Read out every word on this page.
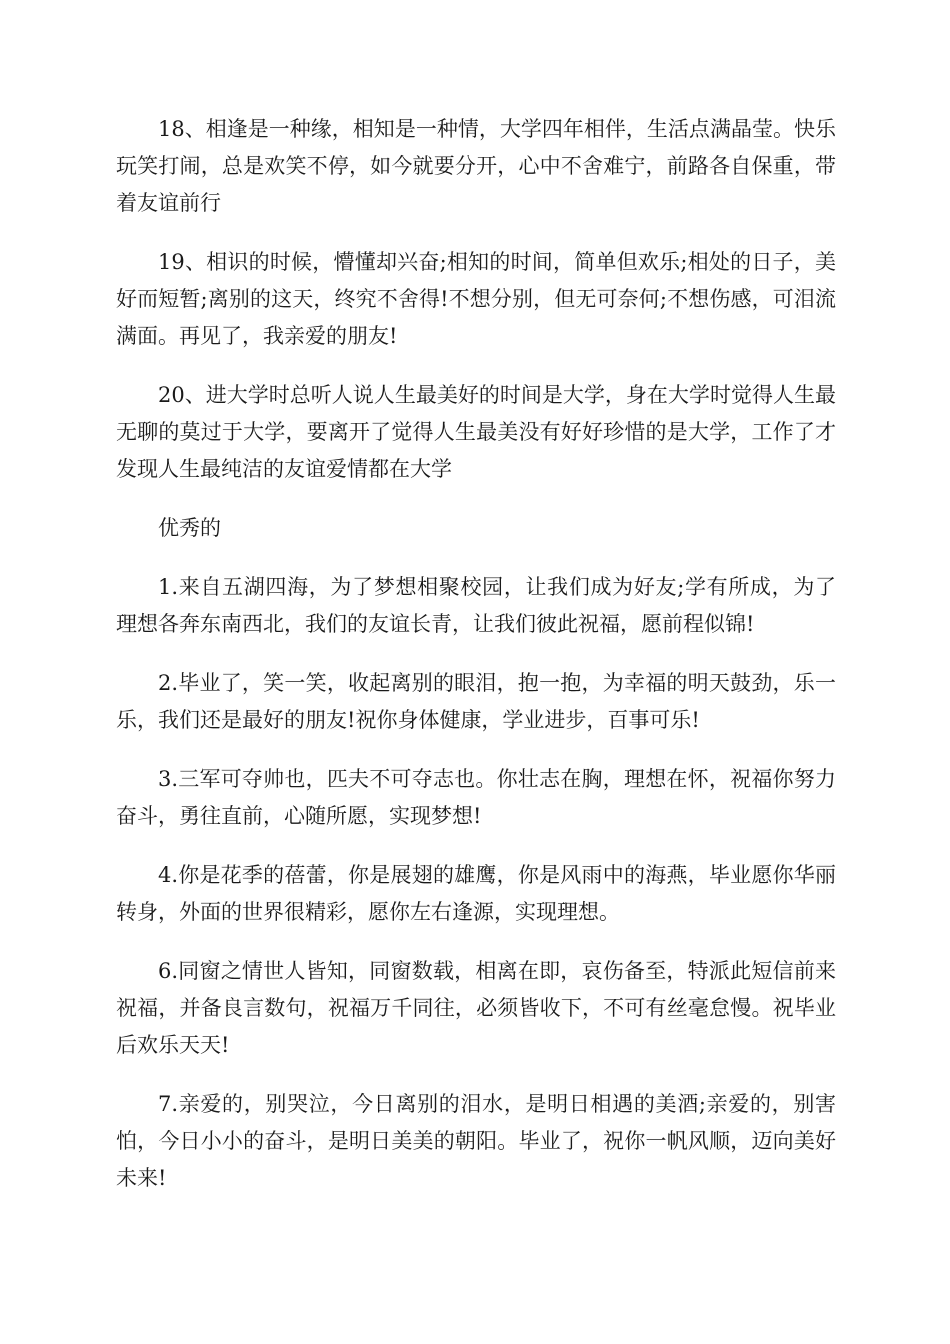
18、相逢是一种缘，相知是一种情，大学四年相伴，生活点满晶莹。快乐玩笑打闹，总是欢笑不停，如今就要分开，心中不舍难宁，前路各自保重，带着友谊前行

19、相识的时候，懵懂却兴奋;相知的时间，简单但欢乐;相处的日子，美好而短暂;离别的这天，终究不舍得!不想分别，但无可奈何;不想伤感，可泪流满面。再见了，我亲爱的朋友!

20、进大学时总听人说人生最美好的时间是大学，身在大学时觉得人生最无聊的莫过于大学，要离开了觉得人生最美没有好好珍惜的是大学，工作了才发现人生最纯洁的友谊爱情都在大学

优秀的

1.来自五湖四海，为了梦想相聚校园，让我们成为好友;学有所成，为了理想各奔东南西北，我们的友谊长青，让我们彼此祝福，愿前程似锦!

2.毕业了，笑一笑，收起离别的眼泪，抱一抱，为幸福的明天鼓劲，乐一乐，我们还是最好的朋友!祝你身体健康，学业进步，百事可乐!

3.三军可夺帅也，匹夫不可夺志也。你壮志在胸，理想在怀，祝福你努力奋斗，勇往直前，心随所愿，实现梦想!

4.你是花季的蓓蕾，你是展翅的雄鹰，你是风雨中的海燕，毕业愿你华丽转身，外面的世界很精彩，愿你左右逢源，实现理想。

6.同窗之情世人皆知，同窗数载，相离在即，哀伤备至，特派此短信前来祝福，并备良言数句，祝福万千同往，必须皆收下，不可有丝毫怠慢。祝毕业后欢乐天天!

7.亲爱的，别哭泣，今日离别的泪水，是明日相遇的美酒;亲爱的，别害怕，今日小小的奋斗，是明日美美的朝阳。毕业了，祝你一帆风顺，迈向美好未来!
